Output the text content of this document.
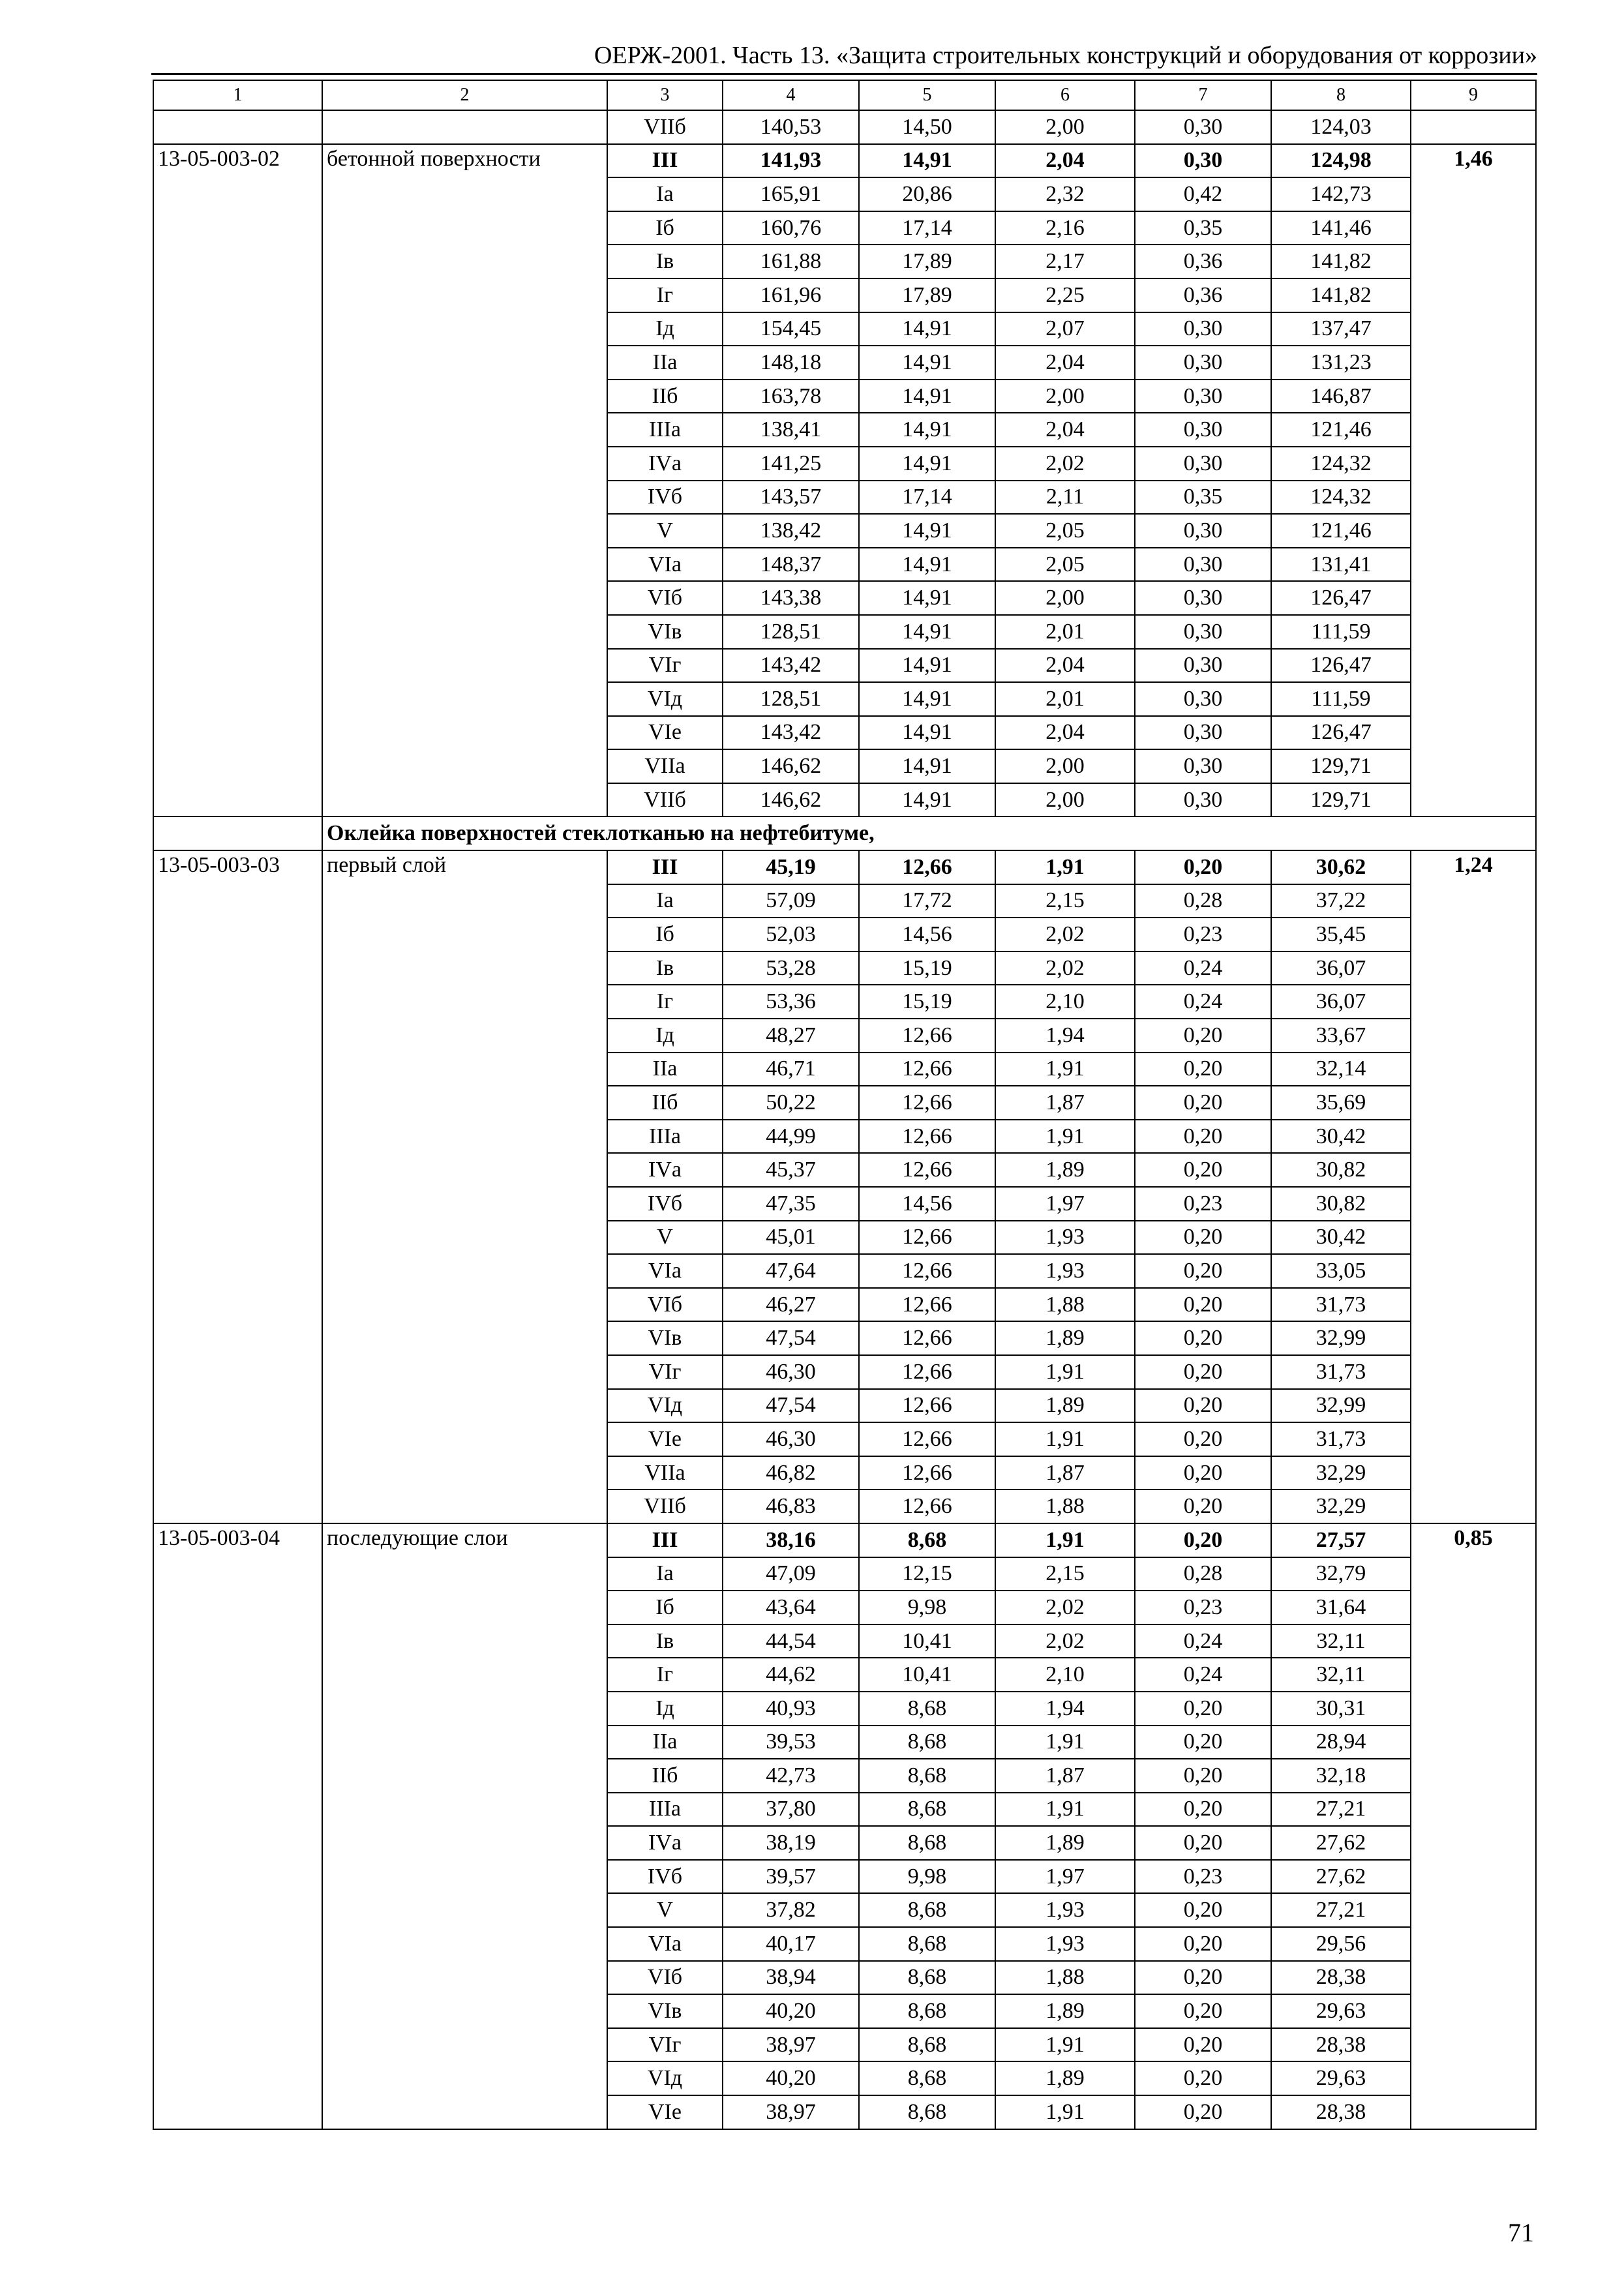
ОЕРЖ-2001. Часть 13. «Защита строительных конструкций и оборудования от коррозии»
1	2	3	4	5	6	7	8	9
		VIIб	140,53	14,50	2,00	0,30	124,03	
13-05-003-02	бетонной поверхности	III	141,93	14,91	2,04	0,30	124,98	1,46
		Iа	165,91	20,86	2,32	0,42	142,73	
		Iб	160,76	17,14	2,16	0,35	141,46	
		Iв	161,88	17,89	2,17	0,36	141,82	
		Iг	161,96	17,89	2,25	0,36	141,82	
		Iд	154,45	14,91	2,07	0,30	137,47	
		IIа	148,18	14,91	2,04	0,30	131,23	
		IIб	163,78	14,91	2,00	0,30	146,87	
		IIIа	138,41	14,91	2,04	0,30	121,46	
		IVа	141,25	14,91	2,02	0,30	124,32	
		IVб	143,57	17,14	2,11	0,35	124,32	
		V	138,42	14,91	2,05	0,30	121,46	
		VIа	148,37	14,91	2,05	0,30	131,41	
		VIб	143,38	14,91	2,00	0,30	126,47	
		VIв	128,51	14,91	2,01	0,30	111,59	
		VIг	143,42	14,91	2,04	0,30	126,47	
		VIд	128,51	14,91	2,01	0,30	111,59	
		VIе	143,42	14,91	2,04	0,30	126,47	
		VIIа	146,62	14,91	2,00	0,30	129,71	
		VIIб	146,62	14,91	2,00	0,30	129,71	
	Оклейка поверхностей стеклотканью на нефтебитуме,							
13-05-003-03	первый слой	III	45,19	12,66	1,91	0,20	30,62	1,24
		Iа	57,09	17,72	2,15	0,28	37,22	
		Iб	52,03	14,56	2,02	0,23	35,45	
		Iв	53,28	15,19	2,02	0,24	36,07	
		Iг	53,36	15,19	2,10	0,24	36,07	
		Iд	48,27	12,66	1,94	0,20	33,67	
		IIа	46,71	12,66	1,91	0,20	32,14	
		IIб	50,22	12,66	1,87	0,20	35,69	
		IIIа	44,99	12,66	1,91	0,20	30,42	
		IVа	45,37	12,66	1,89	0,20	30,82	
		IVб	47,35	14,56	1,97	0,23	30,82	
		V	45,01	12,66	1,93	0,20	30,42	
		VIа	47,64	12,66	1,93	0,20	33,05	
		VIб	46,27	12,66	1,88	0,20	31,73	
		VIв	47,54	12,66	1,89	0,20	32,99	
		VIг	46,30	12,66	1,91	0,20	31,73	
		VIд	47,54	12,66	1,89	0,20	32,99	
		VIе	46,30	12,66	1,91	0,20	31,73	
		VIIа	46,82	12,66	1,87	0,20	32,29	
		VIIб	46,83	12,66	1,88	0,20	32,29	
13-05-003-04	последующие слои	III	38,16	8,68	1,91	0,20	27,57	0,85
		Iа	47,09	12,15	2,15	0,28	32,79	
		Iб	43,64	9,98	2,02	0,23	31,64	
		Iв	44,54	10,41	2,02	0,24	32,11	
		Iг	44,62	10,41	2,10	0,24	32,11	
		Iд	40,93	8,68	1,94	0,20	30,31	
		IIа	39,53	8,68	1,91	0,20	28,94	
		IIб	42,73	8,68	1,87	0,20	32,18	
		IIIа	37,80	8,68	1,91	0,20	27,21	
		IVа	38,19	8,68	1,89	0,20	27,62	
		IVб	39,57	9,98	1,97	0,23	27,62	
		V	37,82	8,68	1,93	0,20	27,21	
		VIа	40,17	8,68	1,93	0,20	29,56	
		VIб	38,94	8,68	1,88	0,20	28,38	
		VIв	40,20	8,68	1,89	0,20	29,63	
		VIг	38,97	8,68	1,91	0,20	28,38	
		VIд	40,20	8,68	1,89	0,20	29,63	
		VIе	38,97	8,68	1,91	0,20	28,38	
71
